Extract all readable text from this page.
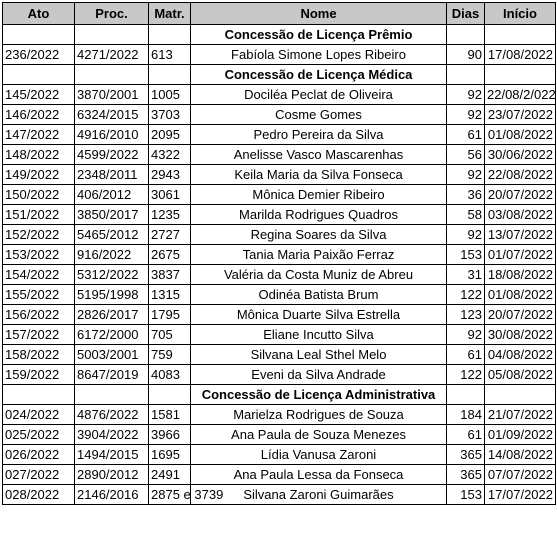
Ato	Proc.	Matr.	Nome	Dias	Início
			Concessão de Licença Prêmio		
236/2022	4271/2022	613	Fabíola Simone Lopes Ribeiro	90	17/08/2022
			Concessão de Licença Médica		
145/2022	3870/2001	1005	Dociléa Peclat de Oliveira	92	22/08/2/022
146/2022	6324/2015	3703	Cosme Gomes	92	23/07/2022
147/2022	4916/2010	2095	Pedro Pereira da Silva	61	01/08/2022
148/2022	4599/2022	4322	Anelisse Vasco Mascarenhas	56	30/06/2022
149/2022	2348/2011	2943	Keila Maria da Silva Fonseca	92	22/08/2022
150/2022	406/2012	3061	Mônica Demier Ribeiro	36	20/07/2022
151/2022	3850/2017	1235	Marilda Rodrigues Quadros	58	03/08/2022
152/2022	5465/2012	2727	Regina Soares da Silva	92	13/07/2022
153/2022	916/2022	2675	Tania Maria Paixão Ferraz	153	01/07/2022
154/2022	5312/2022	3837	Valéria da Costa Muniz de Abreu	31	18/08/2022
155/2022	5195/1998	1315	Odinéa Batista Brum	122	01/08/2022
156/2022	2826/2017	1795	Mônica Duarte Silva Estrella	123	20/07/2022
157/2022	6172/2000	705	Eliane Incutto Silva	92	30/08/2022
158/2022	5003/2001	759	Silvana Leal Sthel Melo	61	04/08/2022
159/2022	8647/2019	4083	Eveni da Silva Andrade	122	05/08/2022
			Concessão de Licença Administrativa		
024/2022	4876/2022	1581	Marielza Rodrigues de Souza	184	21/07/2022
025/2022	3904/2022	3966	Ana Paula de Souza Menezes	61	01/09/2022
026/2022	1494/2015	1695	Lídia Vanusa Zaroni	365	14/08/2022
027/2022	2890/2012	2491	Ana Paula Lessa da Fonseca	365	07/07/2022
028/2022	2146/2016	2875 e 3739	Silvana Zaroni Guimarães	153	17/07/2022
